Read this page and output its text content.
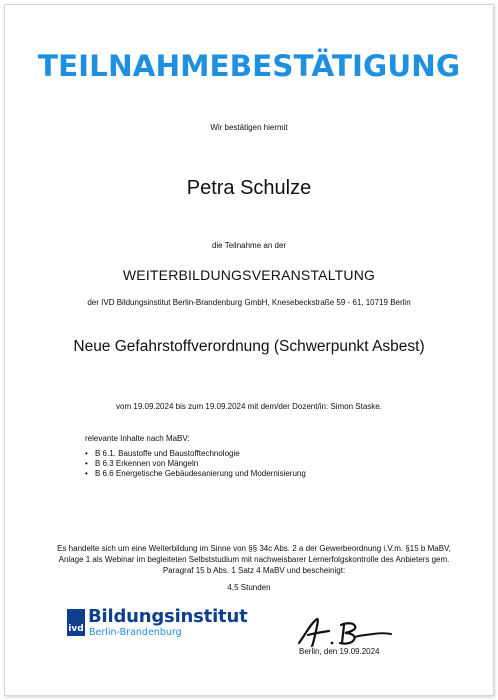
TEILNAHMEBESTÄTIGUNG
Wir bestätigen hiermit
Petra Schulze
die Teilnahme an der
WEITERBILDUNGSVERANSTALTUNG
der IVD Bildungsinstitut Berlin-Brandenburg GmbH, Knesebeckstraße 59 - 61, 10719 Berlin
Neue Gefahrstoffverordnung (Schwerpunkt Asbest)
vom 19.09.2024 bis zum 19.09.2024 mit dem/der Dozent/in: Simon Staske.
relevante Inhalte nach MaBV:
• B 6.1. Baustoffe und Baustofftechnologie
• B 6.3 Erkennen von Mängeln
• B 6.6 Energetische Gebäudesanierung und Modernisierung
Es handelte sich um eine Weiterbildung im Sinne von §§ 34c Abs. 2 a der Gewerbeordnung i.V.m. §15 b MaBV,
Anlage 1 als Webinar im begleiteten Selbststudium mit nachweisbarer Lernerfolgskontrolle des Anbieters gem.
Paragraf 15 b Abs. 1 Satz 4 MaBV und bescheinigt:
4,5 Stunden
ivd
Bildungsinstitut
Berlin-Brandenburg
Berlin, den 19.09.2024
